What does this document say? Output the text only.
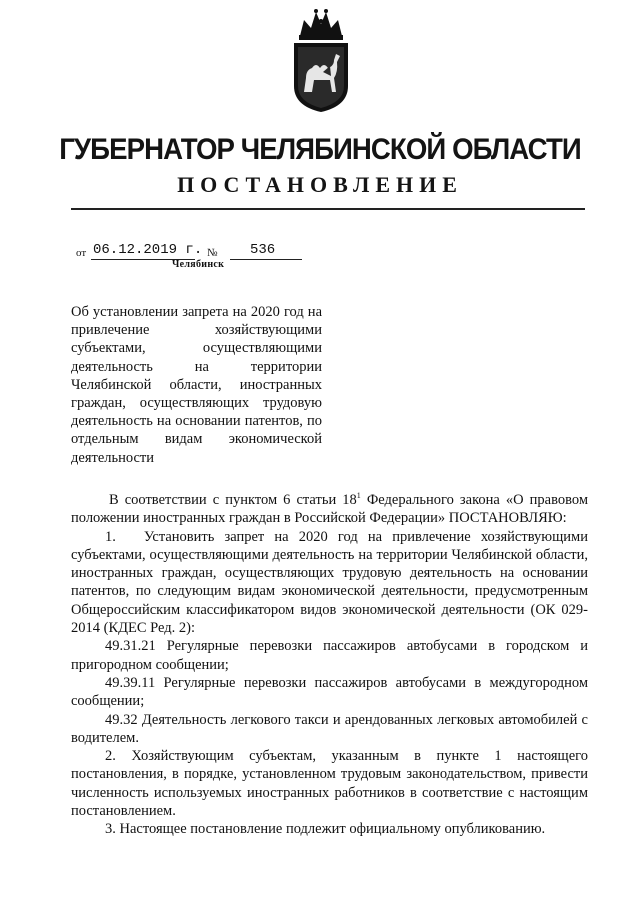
ГУБЕРНАТОР ЧЕЛЯБИНСКОЙ ОБЛАСТИ
ПОСТАНОВЛЕНИЕ
от 06.12.2019 г. №	536
Челябинск
Об установлении запрета на 2020 год на привлечение хозяйствующими субъектами, осуществляющими деятельность на территории Челябинской области, иностранных граждан, осуществляющих трудовую деятельность на основании патентов, по отдельным видам экономической деятельности

В соответствии с пунктом 6 статьи $18^1$ Федерального закона «О правовом положении иностранных граждан в Российской Федерации» ПОСТАНОВЛЯЮ:

1. Установить запрет на 2020 год на привлечение хозяйствующими субъектами, осуществляющими деятельность на территории Челябинской области, иностранных граждан, осуществляющих трудовую деятельность на основании патентов, по следующим видам экономической деятельности, предусмотренным Общероссийским классификатором видов экономической деятельности (ОК 029-2014 (КДЕС Ред. 2):

49.31.21 Регулярные перевозки пассажиров автобусами в городском и пригородном сообщении;

49.39.11 Регулярные перевозки пассажиров автобусами в междугородном сообщении;

49.32 Деятельность легкового такси и арендованных легковых автомобилей с водителем.

2. Хозяйствующим субъектам, указанным в пункте 1 настоящего постановления, в порядке, установленном трудовым законодательством, привести численность используемых иностранных работников в соответствие с настоящим постановлением.

3. Настоящее постановление подлежит официальному опубликованию.
